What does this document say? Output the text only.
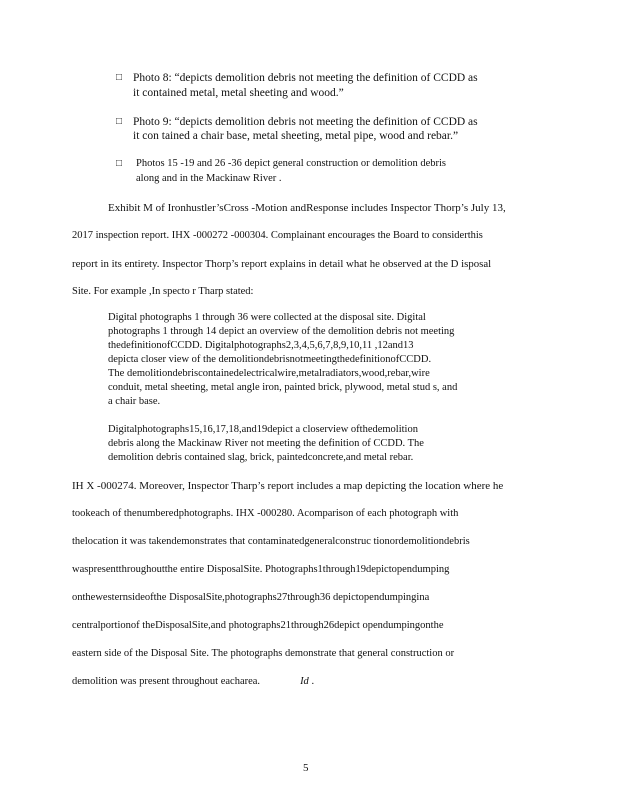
□ Photo 8: “depicts demolition debris not meeting the definition of CCDD as
it contained metal, metal sheeting and wood.”
□ Photo 9: “depicts demolition debris not meeting the definition of CCDD as
it con tained a chair base, metal sheeting, metal pipe, wood and rebar.”
□ Photos 15 -19 and 26 -36 depict general construction or demolition debris
along and in the Mackinaw River .
Exhibit M of Ironhustler’sCross -Motion andResponse includes Inspector Thorp’s July 13,
2017 inspection report. IHX -000272 -000304. Complainant encourages the Board to considerthis
report in its entirety. Inspector Thorp’s report explains in detail what he observed at the D isposal
Site. For example ,In specto r Tharp stated:
Digital photographs 1 through 36 were collected at the disposal site. Digital
photographs 1 through 14 depict an overview of the demolition debris not meeting
thedefinitionofCCDD. Digitalphotographs2,3,4,5,6,7,8,9,10,11 ,12and13
depicta closer view of the demolitiondebrisnotmeetingthedefinitionofCCDD.
The demolitiondebriscontainedelectricalwire,metalradiators,wood,rebar,wire
conduit, metal sheeting, metal angle iron, painted brick, plywood, metal stud s, and
a chair base.
Digitalphotographs15,16,17,18,and19depict a closerview ofthedemolition
debris along the Mackinaw River not meeting the definition of CCDD. The
demolition debris contained slag, brick, paintedconcrete,and metal rebar.
IH X -000274. Moreover, Inspector Tharp’s report includes a map depicting the location where he
tookeach of thenumberedphotographs. IHX -000280. Acomparison of each photograph with
thelocation it was takendemonstrates that contaminatedgeneralconstruc tionordemolitiondebris
waspresentthroughoutthe entire DisposalSite. Photographs1through19depictopendumping
onthewesternsideofthe DisposalSite,photographs27through36 depictopendumpingina
centralportionof theDisposalSite,and photographs21through26depict opendumpingonthe
eastern side of the Disposal Site. The photographs demonstrate that general construction or
demolition was present throughout eacharea.	Id .
5
